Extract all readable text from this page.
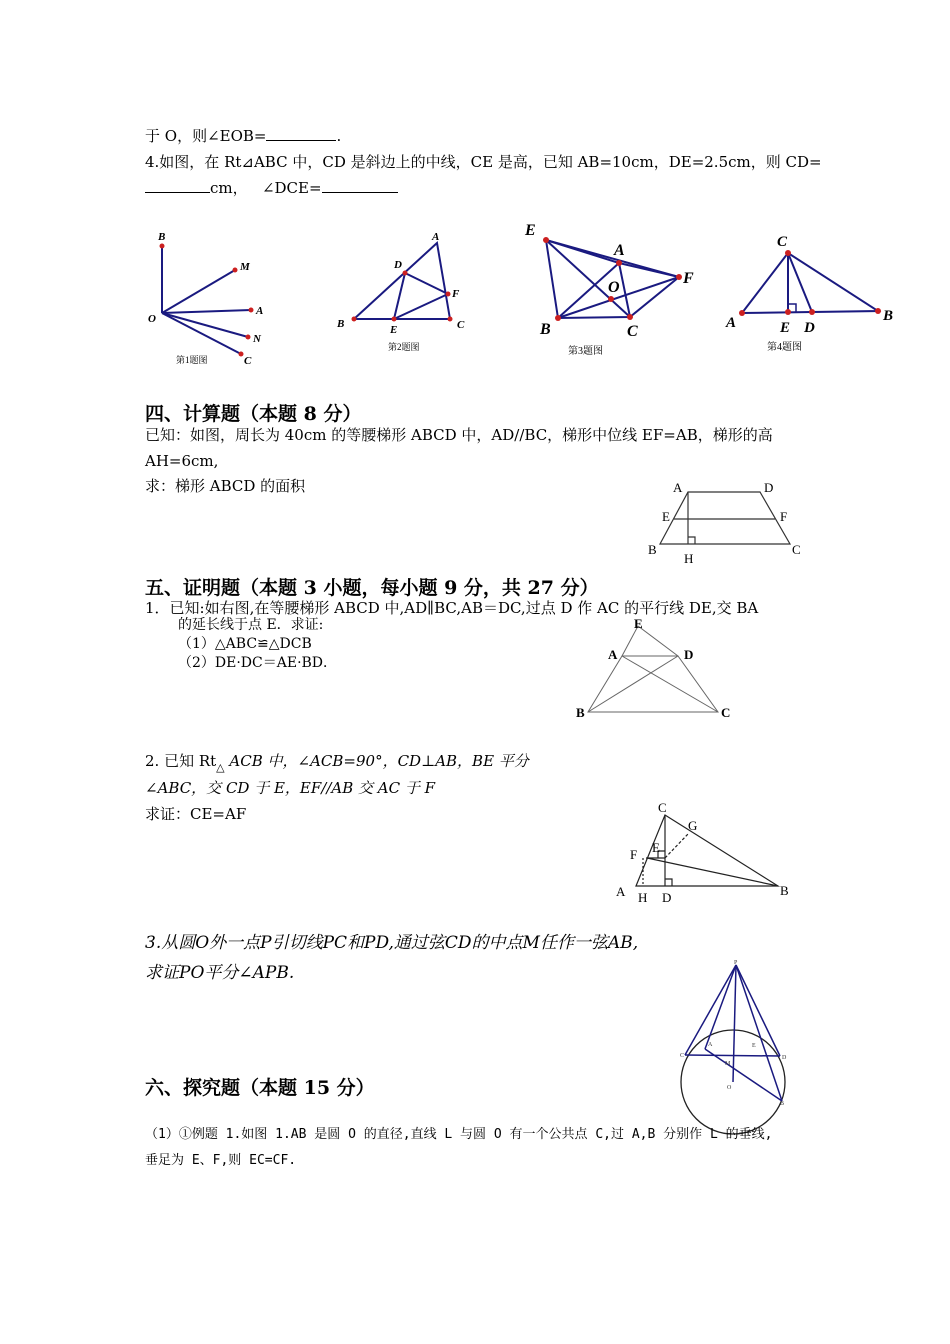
于 O，则∠EOB=	.
4.如图，在 Rt⊿ABC 中，CD 是斜边上的中线，CE 是高，已知 AB=10cm，DE=2.5cm，则 CD=
cm， ∠DCE=
B
M
A
O
N
C
第1题图
A
D
F
B	E	C
第2题图
E
A
F
O
B	C
第3题图
C
A	E D
B
第4题图
四、计算题（本题 8 分）
已知：如图，周长为 40cm 的等腰梯形 ABCD 中，AD//BC，梯形中位线 EF=AB，梯形的高
AH=6cm,
求：梯形 ABCD 的面积	A	D
E	F
B
H
C
五、证明题（本题 3 小题，每小题 9 分，共 27 分）
1．已知:如右图,在等腰梯形 ABCD 中,AD∥BC,AB＝DC,过点 D 作 AC 的平行线 DE,交 BA
的延长线于点 E．求证:
（1）△ABC≌△DCB
（2）DE·DC＝AE·BD．
E
A	D
B	C
2. 已知 $Rt_\triangle$ ACB 中，∠ACB=90°，CD⊥AB，BE 平分
∠ABC，交 CD 于 E，EF//AB 交 AC 于 F
求证：CE=AF	C
G
F E
A H D	B
3.从圆O外一点P引切线PC和PD,通过弦CD的中点M任作一弦AB,
求证PO平分∠APB.	P
C	D
A	E
M
O
B
六、探究题（本题 15 分）
（1）①例题 1.如图 1.AB 是圆 O 的直径,直线 L 与圆 O 有一个公共点 C,过 A,B 分别作 L 的垂线,
垂足为 E、F,则 EC=CF.
